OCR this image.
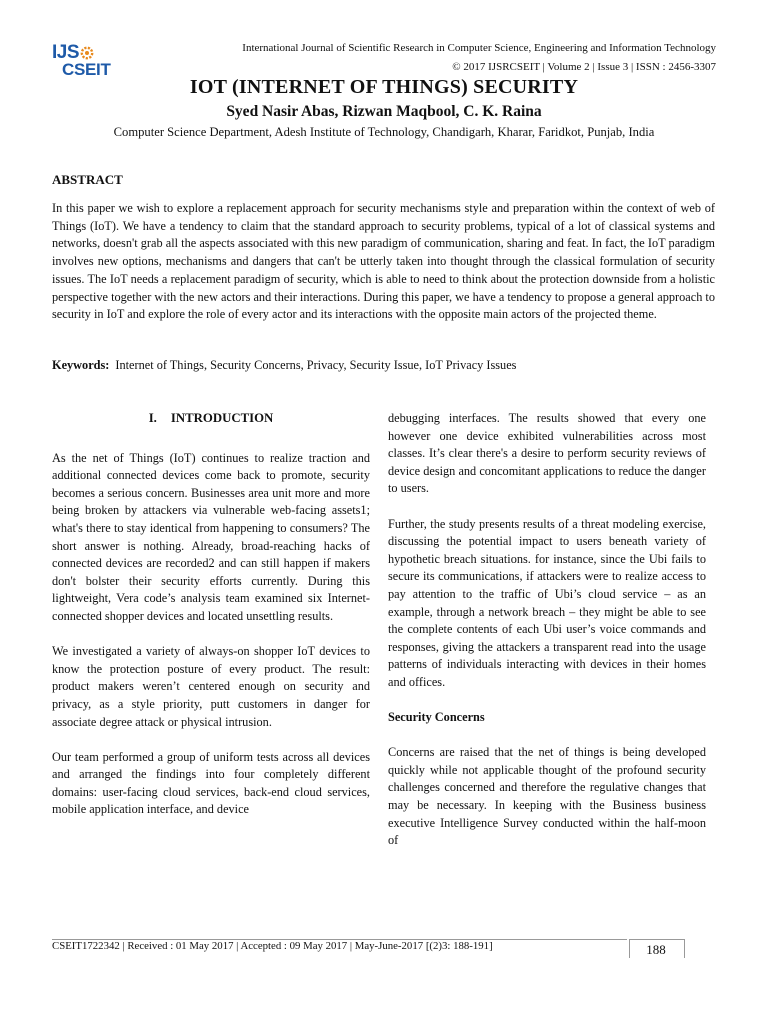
IJS
CSEIT
International Journal of Scientific Research in Computer Science, Engineering and Information Technology
© 2017 IJSRCSEIT | Volume 2 | Issue 3 | ISSN : 2456-3307
IOT (INTERNET OF THINGS) SECURITY
Syed Nasir Abas, Rizwan Maqbool, C. K. Raina
Computer Science Department, Adesh Institute of Technology, Chandigarh, Kharar, Faridkot, Punjab, India
ABSTRACT
In this paper we wish to explore a replacement approach for security mechanisms style and preparation within the context of web of Things (IoT). We have a tendency to claim that the standard approach to security problems, typical of a lot of classical systems and networks, doesn't grab all the aspects associated with this new paradigm of communication, sharing and feat. In fact, the IoT paradigm involves new options, mechanisms and dangers that can't be utterly taken into thought through the classical formulation of security issues. The IoT needs a replacement paradigm of security, which is able to need to think about the protection downside from a holistic perspective together with the new actors and their interactions. During this paper, we have a tendency to propose a general approach to security in IoT and explore the role of every actor and its interactions with the opposite main actors of the projected theme.
Keywords: Internet of Things, Security Concerns, Privacy, Security Issue, IoT Privacy Issues
I. INTRODUCTION

As the net of Things (IoT) continues to realize traction and additional connected devices come back to promote, security becomes a serious concern. Businesses area unit more and more being broken by attackers via vulnerable web-facing assets1; what's there to stay identical from happening to consumers? The short answer is nothing. Already, broad-reaching hacks of connected devices are recorded2 and can still happen if makers don't bolster their security efforts currently. During this lightweight, Vera code’s analysis team examined six Internet-connected shopper devices and located unsettling results.

We investigated a variety of always-on shopper IoT devices to know the protection posture of every product. The result: product makers weren’t centered enough on security and privacy, as a style priority, putt customers in danger for associate degree attack or physical intrusion.

Our team performed a group of uniform tests across all devices and arranged the findings into four completely different domains: user-facing cloud services, back-end cloud services, mobile application interface, and device

debugging interfaces. The results showed that every one however one device exhibited vulnerabilities across most classes. It’s clear there's a desire to perform security reviews of device design and concomitant applications to reduce the danger to users.

Further, the study presents results of a threat modeling exercise, discussing the potential impact to users beneath variety of hypothetic breach situations. for instance, since the Ubi fails to secure its communications, if attackers were to realize access to pay attention to the traffic of Ubi’s cloud service – as an example, through a network breach – they might be able to see the complete contents of each Ubi user’s voice commands and responses, giving the attackers a transparent read into the usage patterns of individuals interacting with devices in their homes and offices.

Security Concerns

Concerns are raised that the net of things is being developed quickly while not applicable thought of the profound security challenges concerned and therefore the regulative changes that may be necessary. In keeping with the Business business executive Intelligence Survey conducted within the half-moon of

CSEIT1722342 | Received : 01 May 2017 | Accepted : 09 May 2017 | May-June-2017 [(2)3: 188-191]	188
